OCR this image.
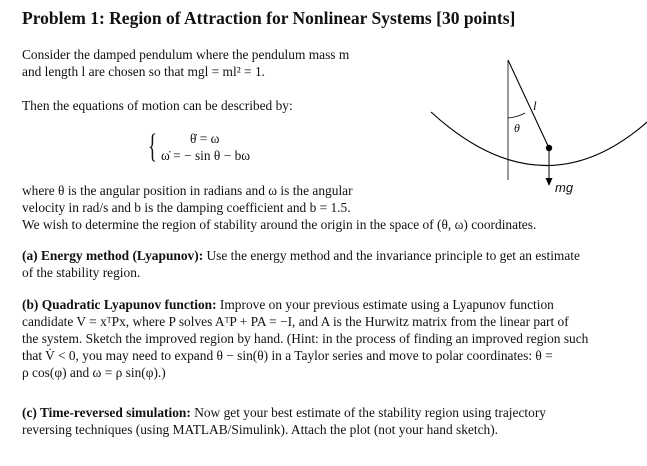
Problem 1: Region of Attraction for Nonlinear Systems [30 points]
Consider the damped pendulum where the pendulum mass m
and length l are chosen so that mgl = ml² = 1.
Then the equations of motion can be described by:
{ θ̇ = ω
ω̇ = − sin θ − bω
l
θ
mg
where θ is the angular position in radians and ω is the angular
velocity in rad/s and b is the damping coefficient and b = 1.5.
We wish to determine the region of stability around the origin in the space of (θ, ω) coordinates.
(a) Energy method (Lyapunov): Use the energy method and the invariance principle to get an estimate
of the stability region.
(b) Quadratic Lyapunov function: Improve on your previous estimate using a Lyapunov function
candidate V = xᵀPx, where P solves AᵀP + PA = −I, and A is the Hurwitz matrix from the linear part of
the system. Sketch the improved region by hand. (Hint: in the process of finding an improved region such
that V̇ < 0, you may need to expand θ − sin(θ) in a Taylor series and move to polar coordinates: θ =
ρ cos(φ) and ω = ρ sin(φ).)
(c) Time-reversed simulation: Now get your best estimate of the stability region using trajectory
reversing techniques (using MATLAB/Simulink). Attach the plot (not your hand sketch).
